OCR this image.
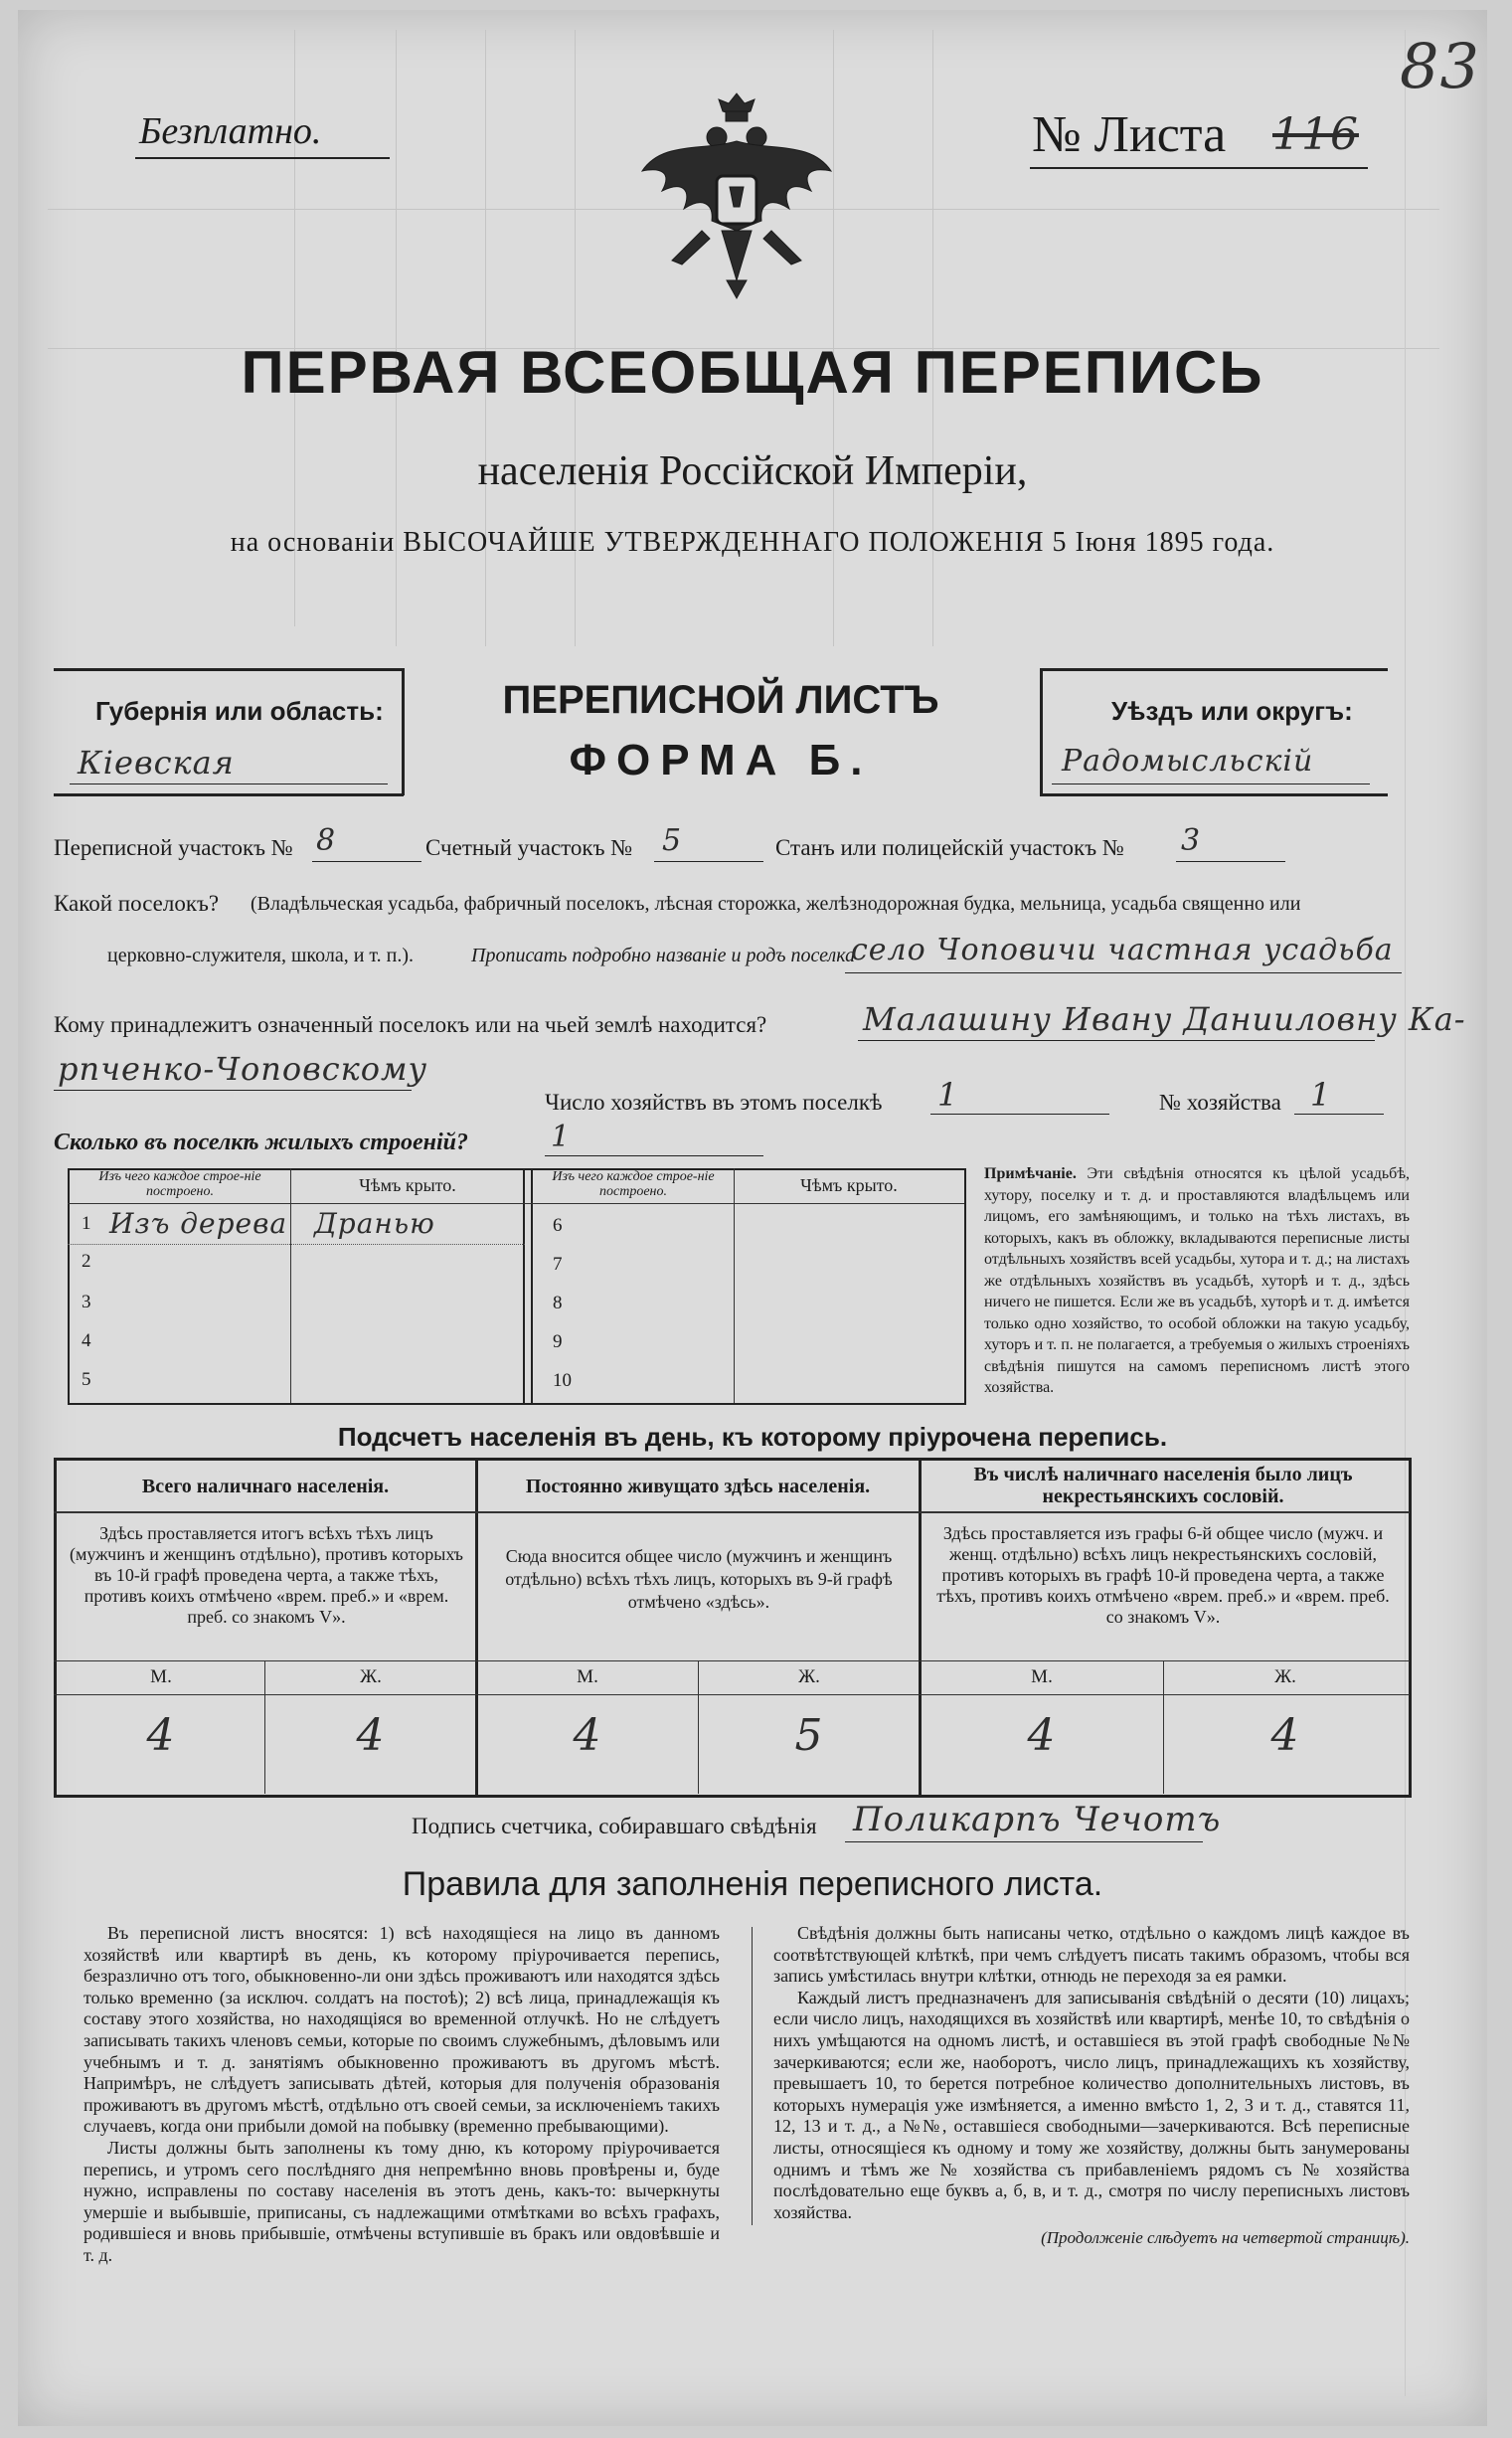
83
Безплатно.	№ Листа 116
ПЕРВАЯ ВСЕОБЩАЯ ПЕРЕПИСЬ
населенія Россійской Имперіи,
на основаніи ВЫСОЧАЙШЕ УТВЕРЖДЕННАГО ПОЛОЖЕНІЯ 5 Іюня 1895 года.
Губернія или область:
Кіевская
ПЕРЕПИСНОЙ ЛИСТЪ
ФОРМА Б.
Уѣздъ или округъ:
Радомысльскій
Переписной участокъ № 8	Счетный участокъ № 5	Станъ или полицейскій участокъ № 3
Какой поселокъ? (Владѣльческая усадьба, фабричный поселокъ, лѣсная сторожка, желѣзнодорожная будка, мельница, усадьба священно или
церковно-служителя, школа, и т. п.).	Прописать подробно названіе и родъ поселка
село Чоповичи частная усадьба
Кому принадлежитъ означенный поселокъ или на чьей землѣ находится?	Малашину Ивану Данииловну Ка-
рпченко-Чоповскому
Число хозяйствъ въ этомъ поселкѣ 1	№ хозяйства 1
Сколько въ поселкѣ жилыхъ строеній?	1
Изъ чего каждое строе-ніе построено.	Чѣмъ крыто.	Изъ чего каждое строе-ніе построено.	Чѣмъ крыто.
1 Изъ дерева Дранью
2
3
4
5
6
7
8
9
10
Примѣчаніе. Эти свѣдѣнія относятся къ цѣлой усадьбѣ, хутору, поселку и т. д. и проставляются владѣльцемъ или лицомъ, его замѣняющимъ, и только на тѣхъ листахъ, въ которыхъ, какъ въ обложку, вкладываются переписные листы отдѣльныхъ хозяйствъ всей усадьбы, хутора и т. д.; на листахъ же отдѣльныхъ хозяйствъ въ усадьбѣ, хуторѣ и т. д., здѣсь ничего не пишется. Если же въ усадьбѣ, хуторѣ и т. д. имѣется только одно хозяйство, то особой обложки на такую усадьбу, хуторъ и т. п. не полагается, а требуемыя о жилыхъ строеніяхъ свѣдѣнія пишутся на самомъ переписномъ листѣ этого хозяйства.
Подсчетъ населенія въ день, къ которому пріурочена перепись.
Всего наличнаго населенія.	Постоянно живущато здѣсь населенія.
Въ числѣ наличнаго населенія было лицъ некрестьянскихъ сословій.
Здѣсь проставляется итогъ всѣхъ тѣхъ лицъ (мужчинъ и женщинъ отдѣльно), противъ которыхъ въ 10-й графѣ проведена черта, а также тѣхъ, противъ коихъ отмѣчено «врем. преб.» и «врем. преб. со знакомъ V».
Сюда вносится общее число (мужчинъ и женщинъ отдѣльно) всѣхъ тѣхъ лицъ, которыхъ въ 9-й графѣ отмѣчено «здѣсь».
Здѣсь проставляется изъ графы 6-й общее число (мужч. и женщ. отдѣльно) всѣхъ лицъ некрестьянскихъ сословій, противъ которыхъ въ графѣ 10-й проведена черта, а также тѣхъ, противъ коихъ отмѣчено «врем. преб.» и «врем. преб. со знакомъ V».
М.	Ж.	М.	Ж.	М.	Ж.
4	4	4	5	4	4
Подпись счетчика, собиравшаго свѣдѣнія Поликарпъ Чечотъ
Правила для заполненія переписного листа.
Въ переписной листъ вносятся: 1) всѣ находящіеся на лицо въ данномъ хозяйствѣ или квартирѣ въ день, къ которому пріурочивается перепись, безразлично отъ того, обыкновенно-ли они здѣсь проживаютъ или находятся здѣсь только временно (за исключ. солдатъ на постоѣ); 2) всѣ лица, принадлежащія къ составу этого хозяйства, но находящіяся во временной отлучкѣ. Но не слѣдуетъ записывать такихъ членовъ семьи, которые по своимъ служебнымъ, дѣловымъ или учебнымъ и т. д. занятіямъ обыкновенно проживаютъ въ другомъ мѣстѣ. Напримѣръ, не слѣдуетъ записывать дѣтей, которыя для полученія образованія проживаютъ въ другомъ мѣстѣ, отдѣльно отъ своей семьи, за исключеніемъ такихъ случаевъ, когда они прибыли домой на побывку (временно пребывающими).
Листы должны быть заполнены къ тому дню, къ которому пріурочивается перепись, и утромъ сего послѣдняго дня непремѣнно вновь провѣрены и, буде нужно, исправлены по составу населенія въ этотъ день, какъ-то: вычеркнуты умершіе и выбывшіе, приписаны, съ надлежащими отмѣтками во всѣхъ графахъ, родившіеся и вновь прибывшіе, отмѣчены вступившіе въ бракъ или овдовѣвшіе и т. д.
Свѣдѣнія должны быть написаны четко, отдѣльно о каждомъ лицѣ каждое въ соотвѣтствующей клѣткѣ, при чемъ слѣдуетъ писать такимъ образомъ, чтобы вся запись умѣстилась внутри клѣтки, отнюдь не переходя за ея рамки.
Каждый листъ предназначенъ для записыванія свѣдѣній о десяти (10) лицахъ; если число лицъ, находящихся въ хозяйствѣ или квартирѣ, менѣе 10, то свѣдѣнія о нихъ умѣщаются на одномъ листѣ, и оставшіеся въ этой графѣ свободные №№ зачеркиваются; если же, наоборотъ, число лицъ, принадлежащихъ къ хозяйству, превышаетъ 10, то берется потребное количество дополнительныхъ листовъ, въ которыхъ нумерація уже измѣняется, а именно вмѣсто 1, 2, 3 и т. д., ставятся 11, 12, 13 и т. д., а №№, оставшіеся свободными—зачеркиваются. Всѣ переписные листы, относящіеся къ одному и тому же хозяйству, должны быть занумерованы однимъ и тѣмъ же № хозяйства съ прибавленіемъ рядомъ съ № хозяйства послѣдовательно еще буквъ а, б, в, и т. д., смотря по числу переписныхъ листовъ хозяйства.
(Продолженіе слѣдуетъ на четвертой страницѣ).
